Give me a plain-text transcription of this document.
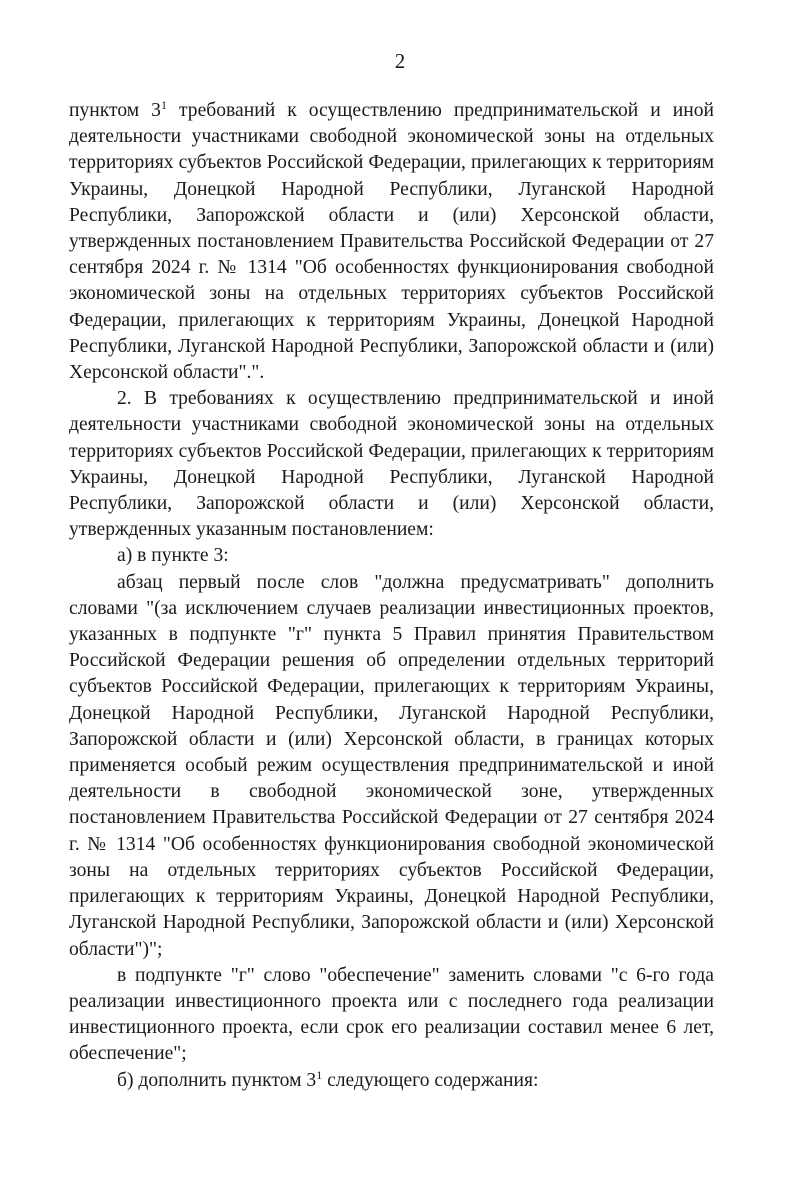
2

пунктом $3^1$ требований к осуществлению предпринимательской и иной деятельности участниками свободной экономической зоны на отдельных территориях субъектов Российской Федерации, прилегающих к территориям Украины, Донецкой Народной Республики, Луганской Народной Республики, Запорожской области и (или) Херсонской области, утвержденных постановлением Правительства Российской Федерации от 27 сентября 2024 г. № 1314 "Об особенностях функционирования свободной экономической зоны на отдельных территориях субъектов Российской Федерации, прилегающих к территориям Украины, Донецкой Народной Республики, Луганской Народной Республики, Запорожской области и (или) Херсонской области".".

2. В требованиях к осуществлению предпринимательской и иной деятельности участниками свободной экономической зоны на отдельных территориях субъектов Российской Федерации, прилегающих к территориям Украины, Донецкой Народной Республики, Луганской Народной Республики, Запорожской области и (или) Херсонской области, утвержденных указанным постановлением:

а) в пункте 3:

абзац первый после слов "должна предусматривать" дополнить словами "(за исключением случаев реализации инвестиционных проектов, указанных в подпункте "г" пункта 5 Правил принятия Правительством Российской Федерации решения об определении отдельных территорий субъектов Российской Федерации, прилегающих к территориям Украины, Донецкой Народной Республики, Луганской Народной Республики, Запорожской области и (или) Херсонской области, в границах которых применяется особый режим осуществления предпринимательской и иной деятельности в свободной экономической зоне, утвержденных постановлением Правительства Российской Федерации от 27 сентября 2024 г. № 1314 "Об особенностях функционирования свободной экономической зоны на отдельных территориях субъектов Российской Федерации, прилегающих к территориям Украины, Донецкой Народной Республики, Луганской Народной Республики, Запорожской области и (или) Херсонской области")";

в подпункте "г" слово "обеспечение" заменить словами "с 6-го года реализации инвестиционного проекта или с последнего года реализации инвестиционного проекта, если срок его реализации составил менее 6 лет, обеспечение";

б) дополнить пунктом $3^1$ следующего содержания:
